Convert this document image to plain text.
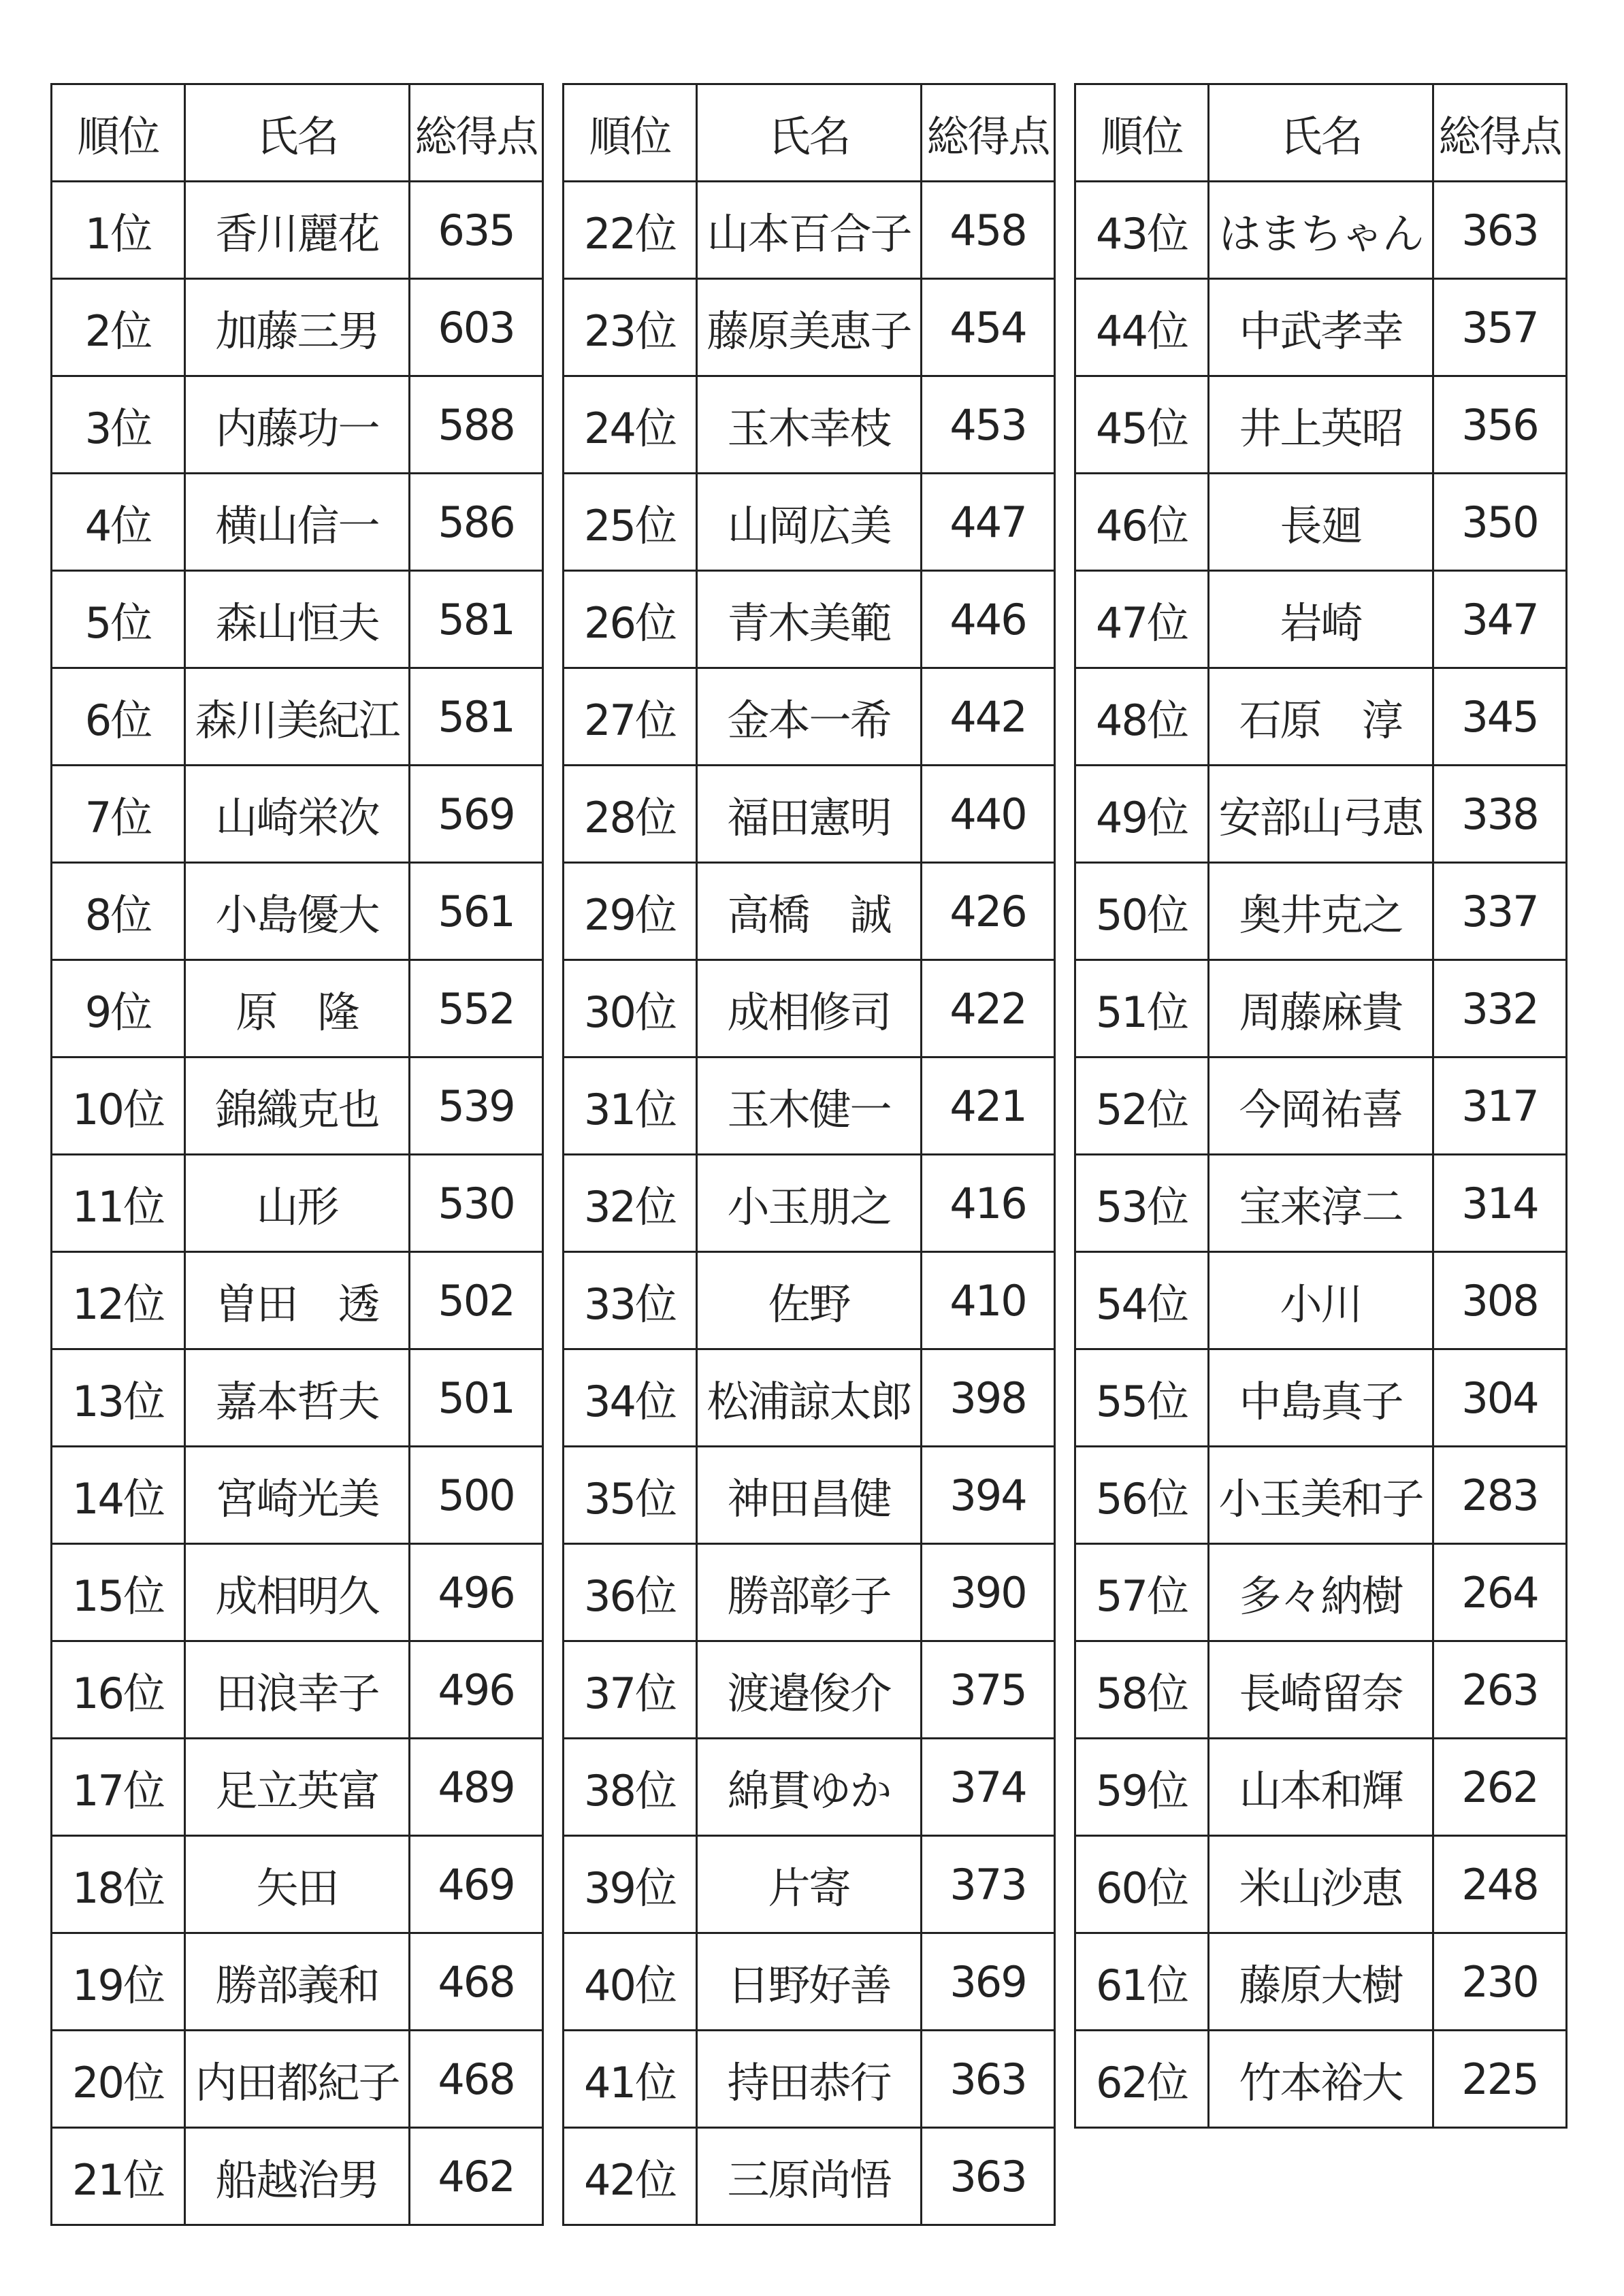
順位	氏名	総得点
1位	香川麗花	635
2位	加藤三男	603
3位	内藤功一	588
4位	横山信一	586
5位	森山恒夫	581
6位	森川美紀江	581
7位	山崎栄次	569
8位	小島優大	561
9位	原　隆	552
10位	錦織克也	539
11位	山形	530
12位	曽田　透	502
13位	嘉本哲夫	501
14位	宮崎光美	500
15位	成相明久	496
16位	田浪幸子	496
17位	足立英富	489
18位	矢田	469
19位	勝部義和	468
20位	内田都紀子	468
21位	船越治男	462
順位	氏名	総得点
22位	山本百合子	458
23位	藤原美恵子	454
24位	玉木幸枝	453
25位	山岡広美	447
26位	青木美範	446
27位	金本一希	442
28位	福田憲明	440
29位	高橋　誠	426
30位	成相修司	422
31位	玉木健一	421
32位	小玉朋之	416
33位	佐野	410
34位	松浦諒太郎	398
35位	神田昌健	394
36位	勝部彰子	390
37位	渡邉俊介	375
38位	綿貫ゆか	374
39位	片寄	373
40位	日野好善	369
41位	持田恭行	363
42位	三原尚悟	363
順位	氏名	総得点
43位	はまちゃん	363
44位	中武孝幸	357
45位	井上英昭	356
46位	長廻	350
47位	岩崎	347
48位	石原　淳	345
49位	安部山弓恵	338
50位	奥井克之	337
51位	周藤麻貴	332
52位	今岡祐喜	317
53位	宝来淳二	314
54位	小川	308
55位	中島真子	304
56位	小玉美和子	283
57位	多々納樹	264
58位	長崎留奈	263
59位	山本和輝	262
60位	米山沙恵	248
61位	藤原大樹	230
62位	竹本裕大	225
